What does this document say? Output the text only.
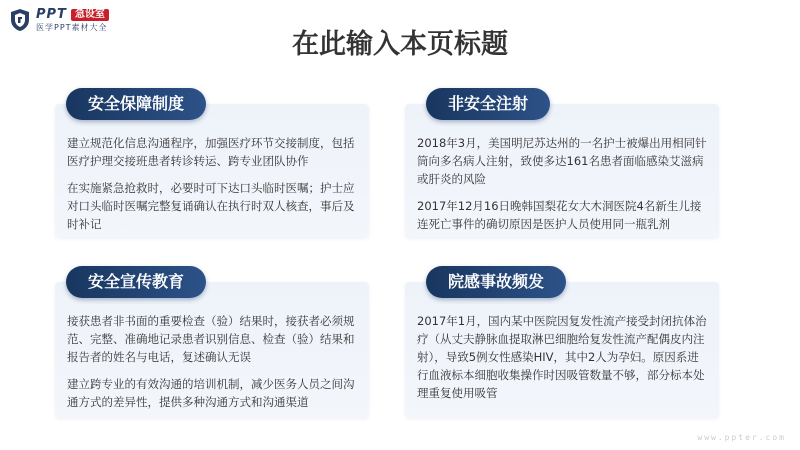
PPT 急设室
医学PPT素材大全
在此输入本页标题

建立规范化信息沟通程序，加强医疗环节交接制度，包括医疗护理交接班患者转诊转运、跨专业团队协作

在实施紧急抢救时，必要时可下达口头临时医嘱；护士应对口头临时医嘱完整复诵确认在执行时双人核查，事后及时补记

安全保障制度

2018年3月，美国明尼苏达州的一名护士被爆出用相同针筒向多名病人注射，致使多达161名患者面临感染艾滋病或肝炎的风险

2017年12月16日晚韩国梨花女大木洞医院4名新生儿接连死亡事件的确切原因是医护人员使用同一瓶乳剂

非安全注射

接获患者非书面的重要检查（验）结果时，接获者必须规范、完整、准确地记录患者识别信息、检查（验）结果和报告者的姓名与电话，复述确认无误

建立跨专业的有效沟通的培训机制，减少医务人员之间沟通方式的差异性，提供多种沟通方式和沟通渠道

安全宣传教育

2017年1月，国内某中医院因复发性流产接受封闭抗体治疗（从丈夫静脉血提取淋巴细胞给复发性流产配偶皮内注射），导致5例女性感染HIV，其中2人为孕妇。原因系进行血液标本细胞收集操作时因吸管数量不够，部分标本处理重复使用吸管

院感事故频发
www.ppter.com
